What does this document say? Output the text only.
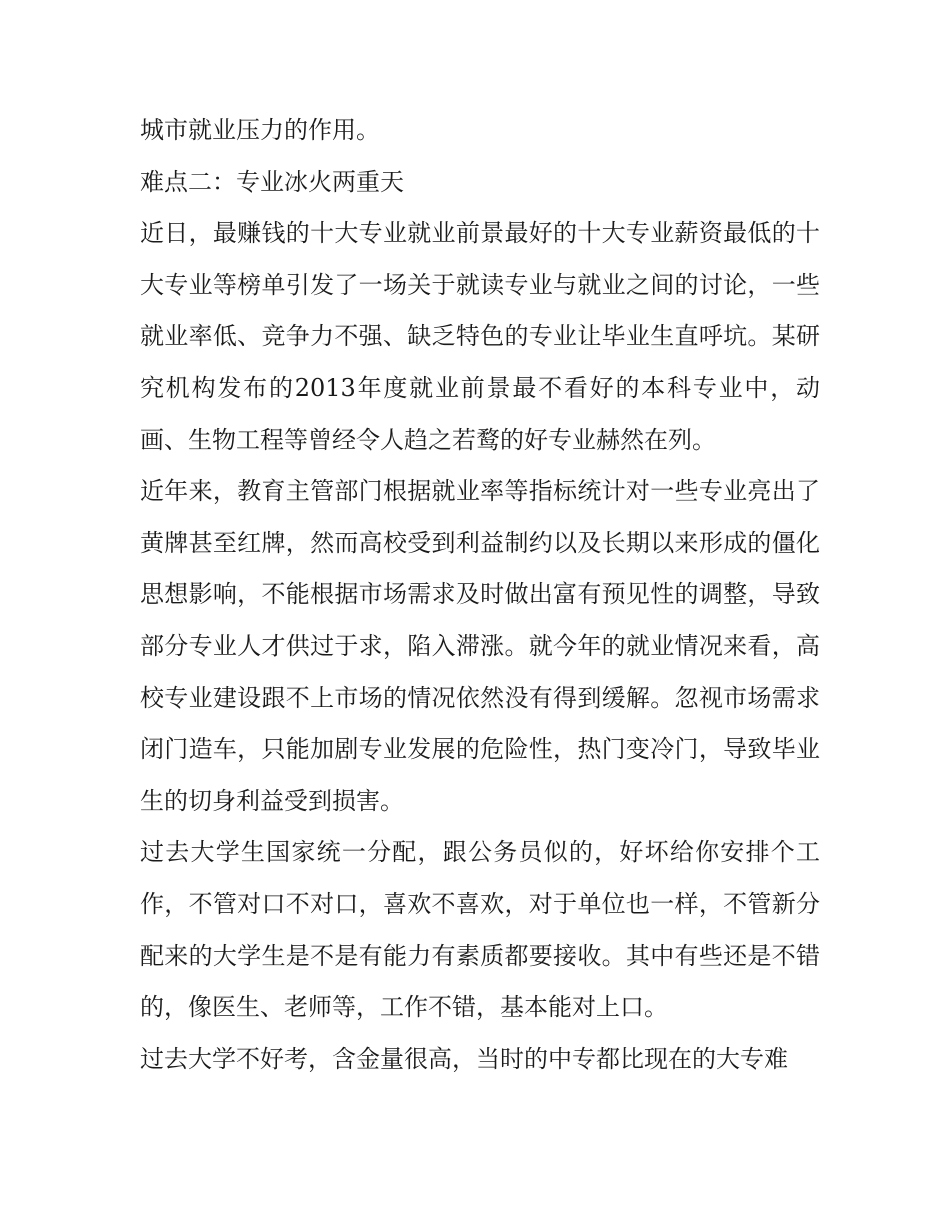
城市就业压力的作用。

难点二：专业冰火两重天

近日，最赚钱的十大专业就业前景最好的十大专业薪资最低的十大专业等榜单引发了一场关于就读专业与就业之间的讨论，一些就业率低、竞争力不强、缺乏特色的专业让毕业生直呼坑。某研究机构发布的2013年度就业前景最不看好的本科专业中，动画、生物工程等曾经令人趋之若鹜的好专业赫然在列。

近年来，教育主管部门根据就业率等指标统计对一些专业亮出了黄牌甚至红牌，然而高校受到利益制约以及长期以来形成的僵化思想影响，不能根据市场需求及时做出富有预见性的调整，导致部分专业人才供过于求，陷入滞涨。就今年的就业情况来看，高校专业建设跟不上市场的情况依然没有得到缓解。忽视市场需求闭门造车，只能加剧专业发展的危险性，热门变冷门，导致毕业生的切身利益受到损害。

过去大学生国家统一分配，跟公务员似的，好坏给你安排个工作，不管对口不对口，喜欢不喜欢，对于单位也一样，不管新分配来的大学生是不是有能力有素质都要接收。其中有些还是不错的，像医生、老师等，工作不错，基本能对上口。

过去大学不好考，含金量很高，当时的中专都比现在的大专难
